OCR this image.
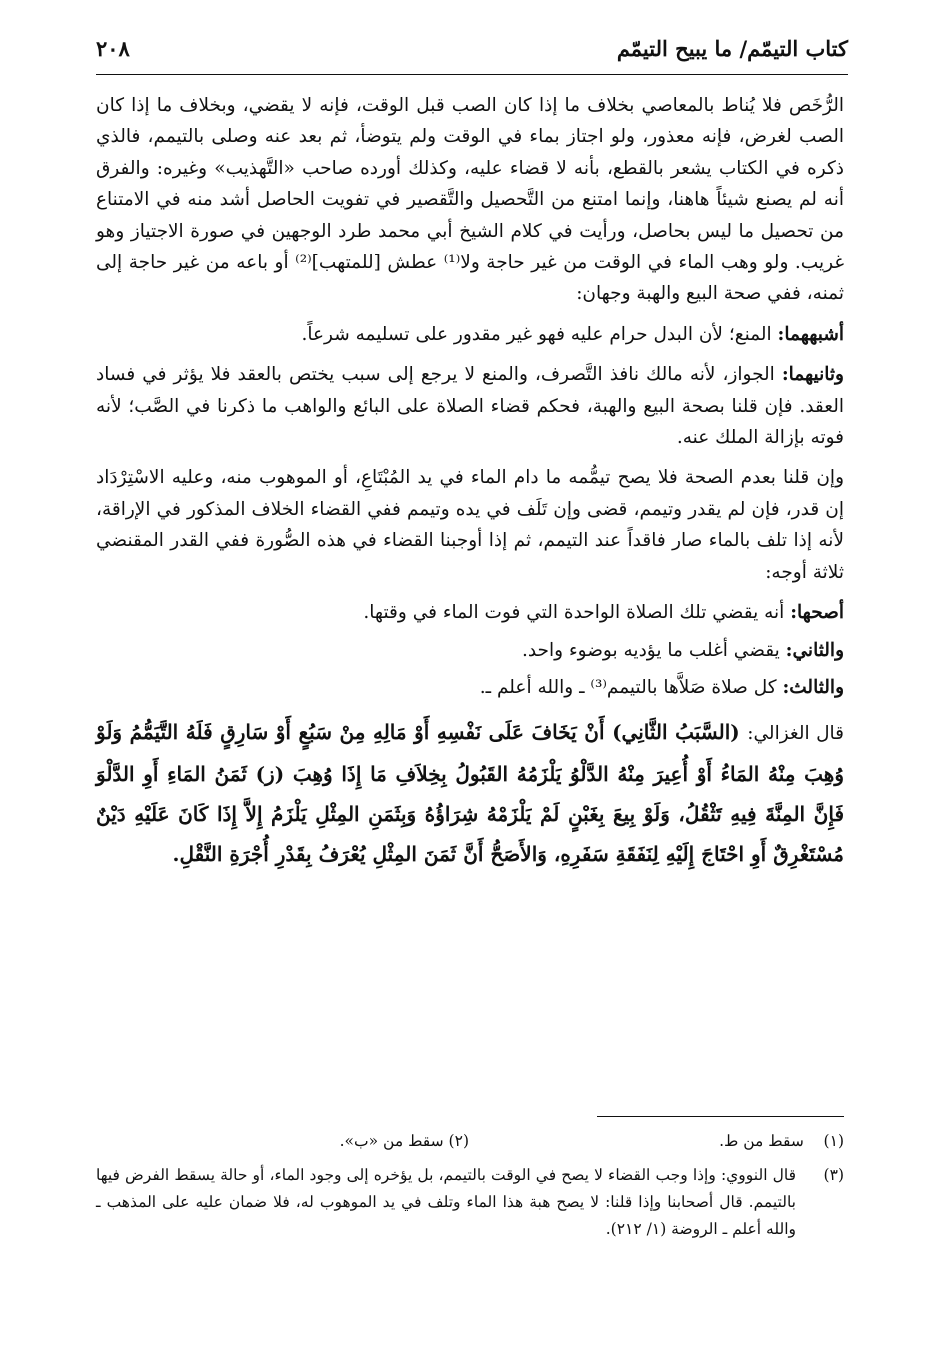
كتاب التيمّم/ ما يبيح التيمّم
٢٠٨

الرُّخَص فلا يُناط بالمعاصي بخلاف ما إذا كان الصب قبل الوقت، فإنه لا يقضي، وبخلاف ما إذا كان الصب لغرض، فإنه معذور، ولو اجتاز بماء في الوقت ولم يتوضأ، ثم بعد عنه وصلى بالتيمم، فالذي ذكره في الكتاب يشعر بالقطع، بأنه لا قضاء عليه، وكذلك أورده صاحب «التَّهذيب» وغيره: والفرق أنه لم يصنع شيئاً هاهنا، وإنما امتنع من التَّحصيل والتَّقصير في تفويت الحاصل أشد منه في الامتناع من تحصيل ما ليس بحاصل، ورأيت في كلام الشيخ أبي محمد طرد الوجهين في صورة الاجتياز وهو غريب. ولو وهب الماء في الوقت من غير حاجة ولا⁽¹⁾ عطش [للمتهب]⁽²⁾ أو باعه من غير حاجة إلى ثمنه، ففي صحة البيع والهبة وجهان:

أشبههما: المنع؛ لأن البدل حرام عليه فهو غير مقدور على تسليمه شرعاً.

وثانيهما: الجواز، لأنه مالك نافذ التَّصرف، والمنع لا يرجع إلى سبب يختص بالعقد فلا يؤثر في فساد العقد. فإن قلنا بصحة البيع والهبة، فحكم قضاء الصلاة على البائع والواهب ما ذكرنا في الصَّب؛ لأنه فوته بإزالة الملك عنه.

وإن قلنا بعدم الصحة فلا يصح تيمُّمه ما دام الماء في يد المُبْتَاعِ، أو الموهوب منه، وعليه الاسْتِرْدَاد إن قدر، فإن لم يقدر وتيمم، قضى وإن تَلَف في يده وتيمم ففي القضاء الخلاف المذكور في الإراقة، لأنه إذا تلف بالماء صار فاقداً عند التيمم، ثم إذا أوجبنا القضاء في هذه الصُّورة ففي القدر المقنضي ثلاثة أوجه:

أصحها: أنه يقضي تلك الصلاة الواحدة التي فوت الماء في وقتها.

والثاني: يقضي أغلب ما يؤديه بوضوء واحد.

والثالث: كل صلاة صَلاَّها بالتيمم⁽³⁾ ـ والله أعلم ـ.

قال الغزالي: (السَّبَبُ الثَّانِي) أَنْ يَخَافَ عَلَى نَفْسِهِ أَوْ مَالِهِ مِنْ سَبُعٍ أَوْ سَارِقٍ فَلَهُ التَّيَمُّمُ وَلَوْ وُهِبَ مِنْهُ المَاءُ أَوْ أُعِيرَ مِنْهُ الدَّلْوُ يَلْزَمُهُ القَبُولُ بِخِلاَفِ مَا إِذَا وُهِبَ (ز) ثَمَنُ المَاءِ أَوِ الدَّلْوَ فَإِنَّ المِنَّةَ فِيهِ تَثْقُلُ، وَلَوْ بِيعَ بِغَبْنٍ لَمْ يَلْزَمْهُ شِرَاؤُهُ وَبِثَمَنِ المِثْلِ يَلْزَمُ إِلاَّ إِذَا كَانَ عَلَيْهِ دَيْنٌ مُسْتَغْرِقٌ أَوِ احْتَاجَ إِلَيْهِ لِنَفَقَةِ سَفَرِهِ، وَالأَصَحُّ أَنَّ ثَمَنَ المِثْلِ يُعْرَفُ بِقَدْرِ أُجْرَةِ النَّقْلِ.

(١)    سقط من ط.
(٢) سقط من «ب».
(٣)
قال النووي: وإذا وجب القضاء لا يصح في الوقت بالتيمم، بل يؤخره إلى وجود الماء، أو حالة يسقط الفرض فيها بالتيمم. قال أصحابنا وإذا قلنا: لا يصح هبة هذا الماء وتلف في يد الموهوب له، فلا ضمان عليه على المذهب ـ والله أعلم ـ الروضة (١/ ٢١٢).
